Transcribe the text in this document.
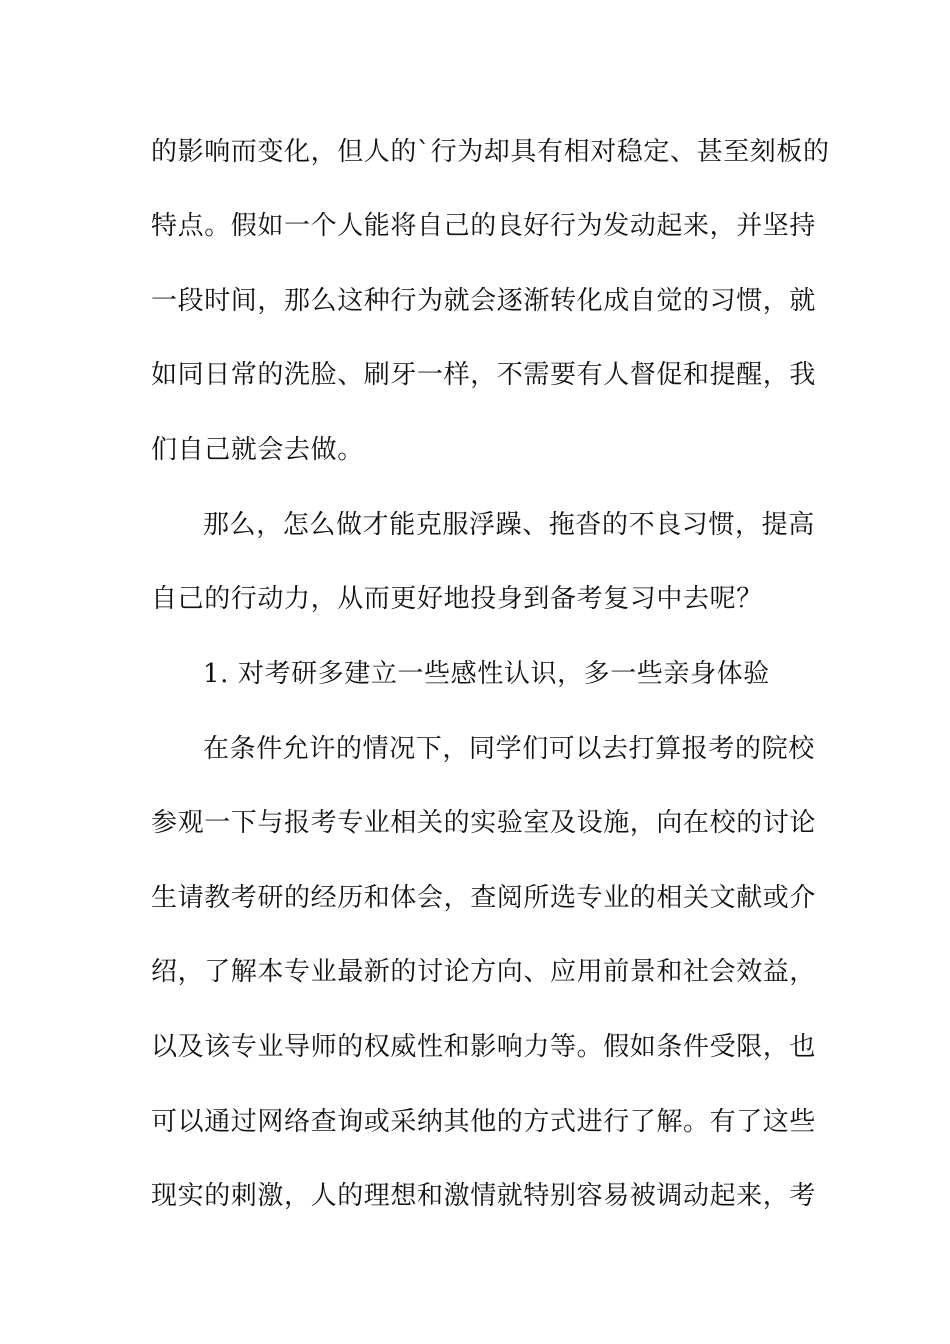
的影响而变化，但人的`行为却具有相对稳定、甚至刻板的
特点。假如一个人能将自己的良好行为发动起来，并坚持
一段时间，那么这种行为就会逐渐转化成自觉的习惯，就
如同日常的洗脸、刷牙一样，不需要有人督促和提醒，我
们自己就会去做。
那么，怎么做才能克服浮躁、拖沓的不良习惯，提高
自己的行动力，从而更好地投身到备考复习中去呢？
1. 对考研多建立一些感性认识，多一些亲身体验
在条件允许的情况下，同学们可以去打算报考的院校
参观一下与报考专业相关的实验室及设施，向在校的讨论
生请教考研的经历和体会，查阅所选专业的相关文献或介
绍，了解本专业最新的讨论方向、应用前景和社会效益，
以及该专业导师的权威性和影响力等。假如条件受限，也
可以通过网络查询或采纳其他的方式进行了解。有了这些
现实的刺激，人的理想和激情就特别容易被调动起来，考
